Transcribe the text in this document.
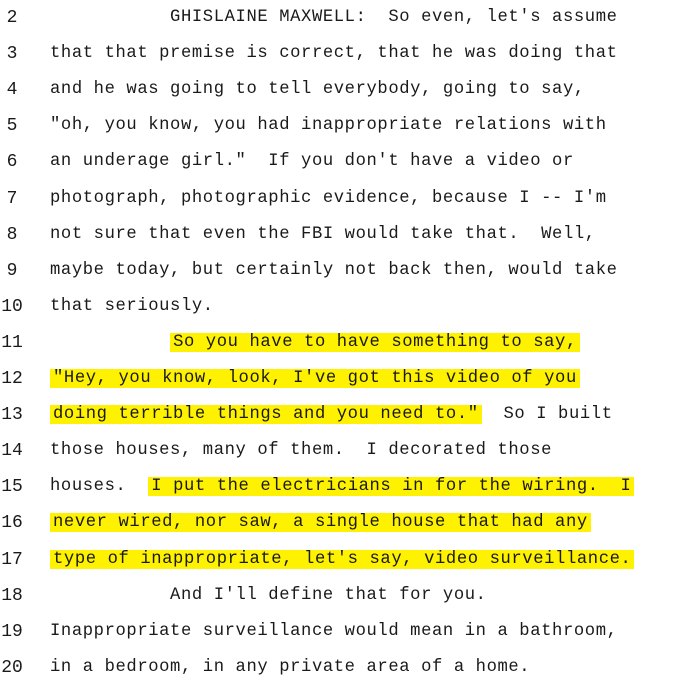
2	GHISLAINE MAXWELL:  So even, let's assume
3	that that premise is correct, that he was doing that
4	and he was going to tell everybody, going to say,
5	"oh, you know, you had inappropriate relations with
6	an underage girl."  If you don't have a video or
7	photograph, photographic evidence, because I -- I'm
8	not sure that even the FBI would take that.  Well,
9	maybe today, but certainly not back then, would take
10 that seriously.
11	So you have to have something to say,
12 "Hey, you know, look, I've got this video of you
13 doing terrible things and you need to."  So I built
14 those houses, many of them.  I decorated those
15 houses.  I put the electricians in for the wiring.  I
16 never wired, nor saw, a single house that had any
17 type of inappropriate, let's say, video surveillance.
18 And I'll define that for you.
19 Inappropriate surveillance would mean in a bathroom,
20 in a bedroom, in any private area of a home.
